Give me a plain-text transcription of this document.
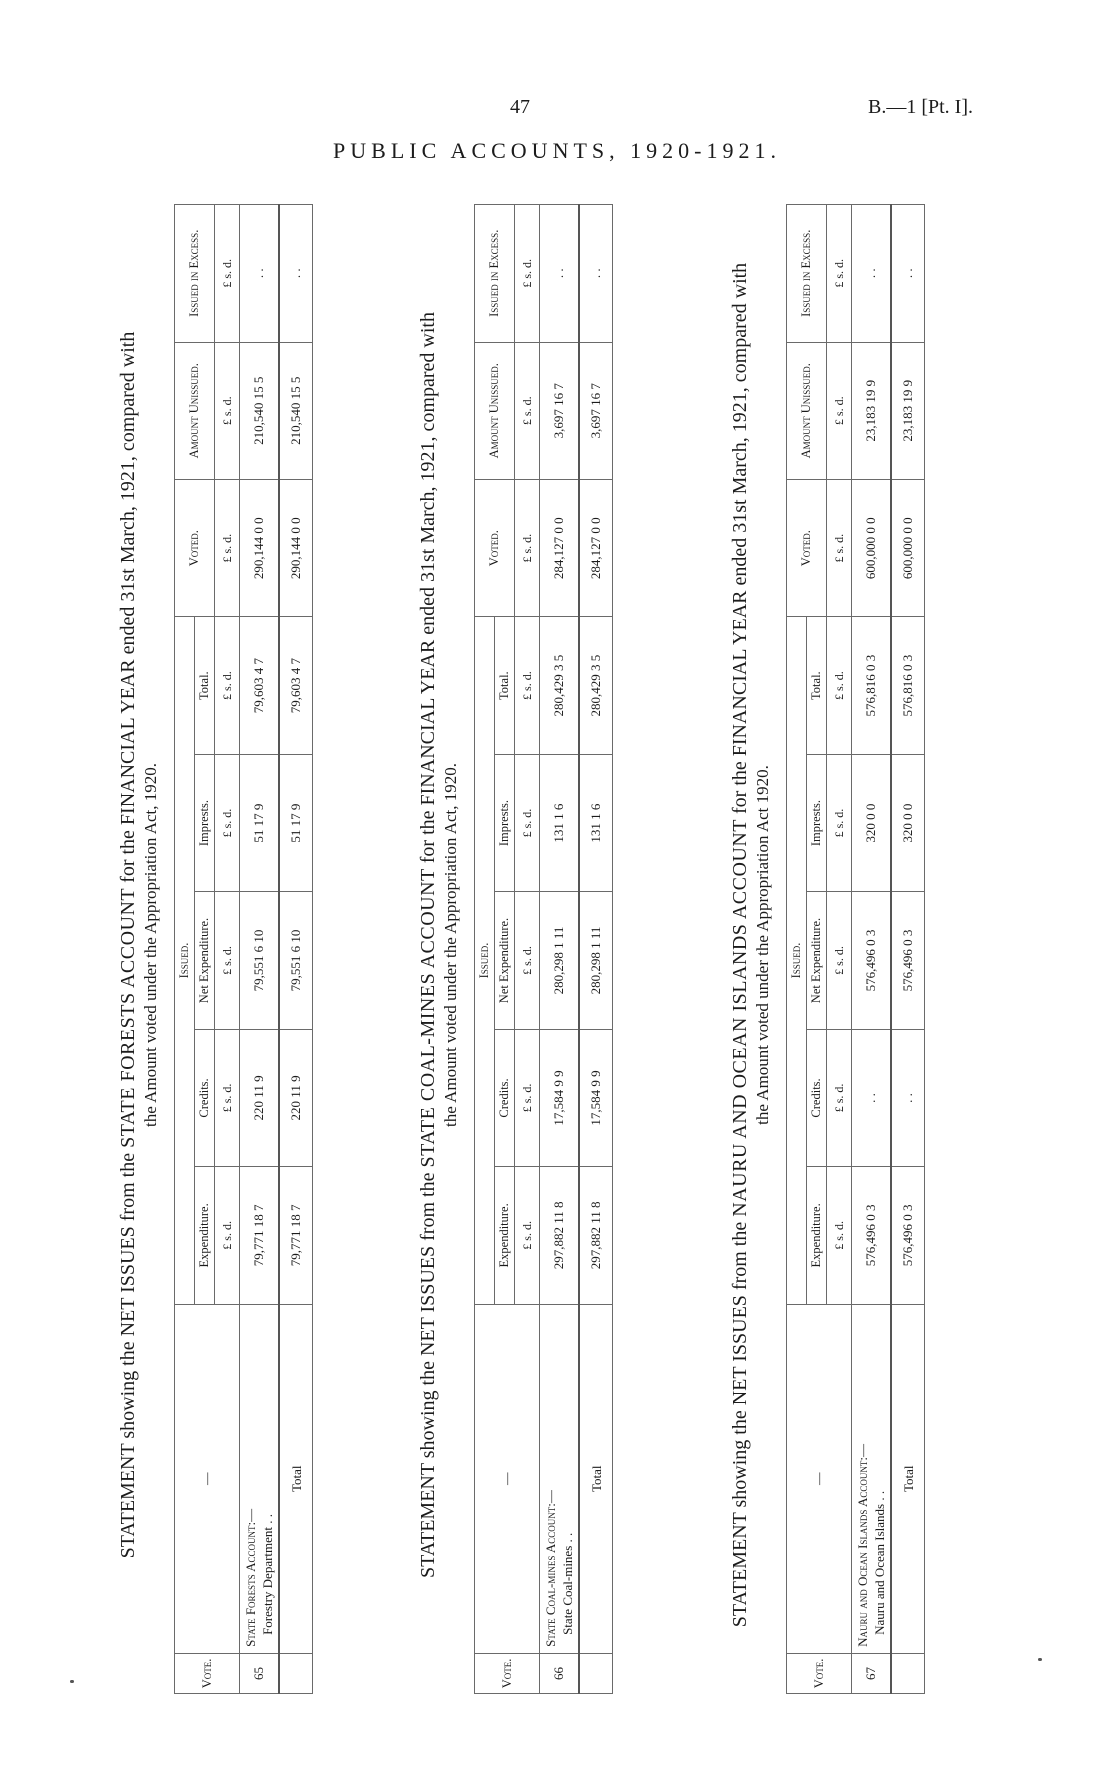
47	B.—1 [Pt. I].
PUBLIC ACCOUNTS, 1920-1921.
STATEMENT showing the NET ISSUES from the STATE FORESTS ACCOUNT for the FINANCIAL YEAR ended 31st March, 1921, compared with
the Amount voted under the Appropriation Act, 1920.
Vote.	—	Issued.					Voted.	Amount Unissued.	Issued in Excess.
		Expenditure.	Credits.	Net Expenditure.	Imprests.	Total.			
		£ s. d.	£ s. d.	£ s. d.	£ s. d.	£ s. d.	£ s. d.	£ s. d.	£ s. d.
65	State Forests Account:— Forestry Department . .	79,771 18 7	220 11 9	79,551 6 10	51 17 9	79,603 4 7	290,144 0 0	210,540 15 5	. .
	Total	79,771 18 7	220 11 9	79,551 6 10	51 17 9	79,603 4 7	290,144 0 0	210,540 15 5	. .
STATEMENT showing the NET ISSUES from the STATE COAL-MINES ACCOUNT for the FINANCIAL YEAR ended 31st March, 1921, compared with
the Amount voted under the Appropriation Act, 1920.
Vote.	—	Issued.					Voted.	Amount Unissued.	Issued in Excess.
		Expenditure.	Credits.	Net Expenditure.	Imprests.	Total.			
		£ s. d.	£ s. d.	£ s. d.	£ s. d.	£ s. d.	£ s. d.	£ s. d.	£ s. d.
66	State Coal-mines Account:— State Coal-mines . .	297,882 11 8	17,584 9 9	280,298 1 11	131 1 6	280,429 3 5	284,127 0 0	3,697 16 7	. .
	Total	297,882 11 8	17,584 9 9	280,298 1 11	131 1 6	280,429 3 5	284,127 0 0	3,697 16 7	. .
STATEMENT showing the NET ISSUES from the NAURU AND OCEAN ISLANDS ACCOUNT for the FINANCIAL YEAR ended 31st March, 1921, compared with
the Amount voted under the Appropriation Act 1920.
Vote.	—	Issued.					Voted.	Amount Unissued.	Issued in Excess.
		Expenditure.	Credits.	Net Expenditure.	Imprests.	Total.			
		£ s. d.	£ s. d.	£ s. d.	£ s. d.	£ s. d.	£ s. d.	£ s. d.	£ s. d.
67	Nauru and Ocean Islands Account:— Nauru and Ocean Islands . .	576,496 0 3	. .	576,496 0 3	320 0 0	576,816 0 3	600,000 0 0	23,183 19 9	. .
	Total	576,496 0 3	. .	576,496 0 3	320 0 0	576,816 0 3	600,000 0 0	23,183 19 9	. .
